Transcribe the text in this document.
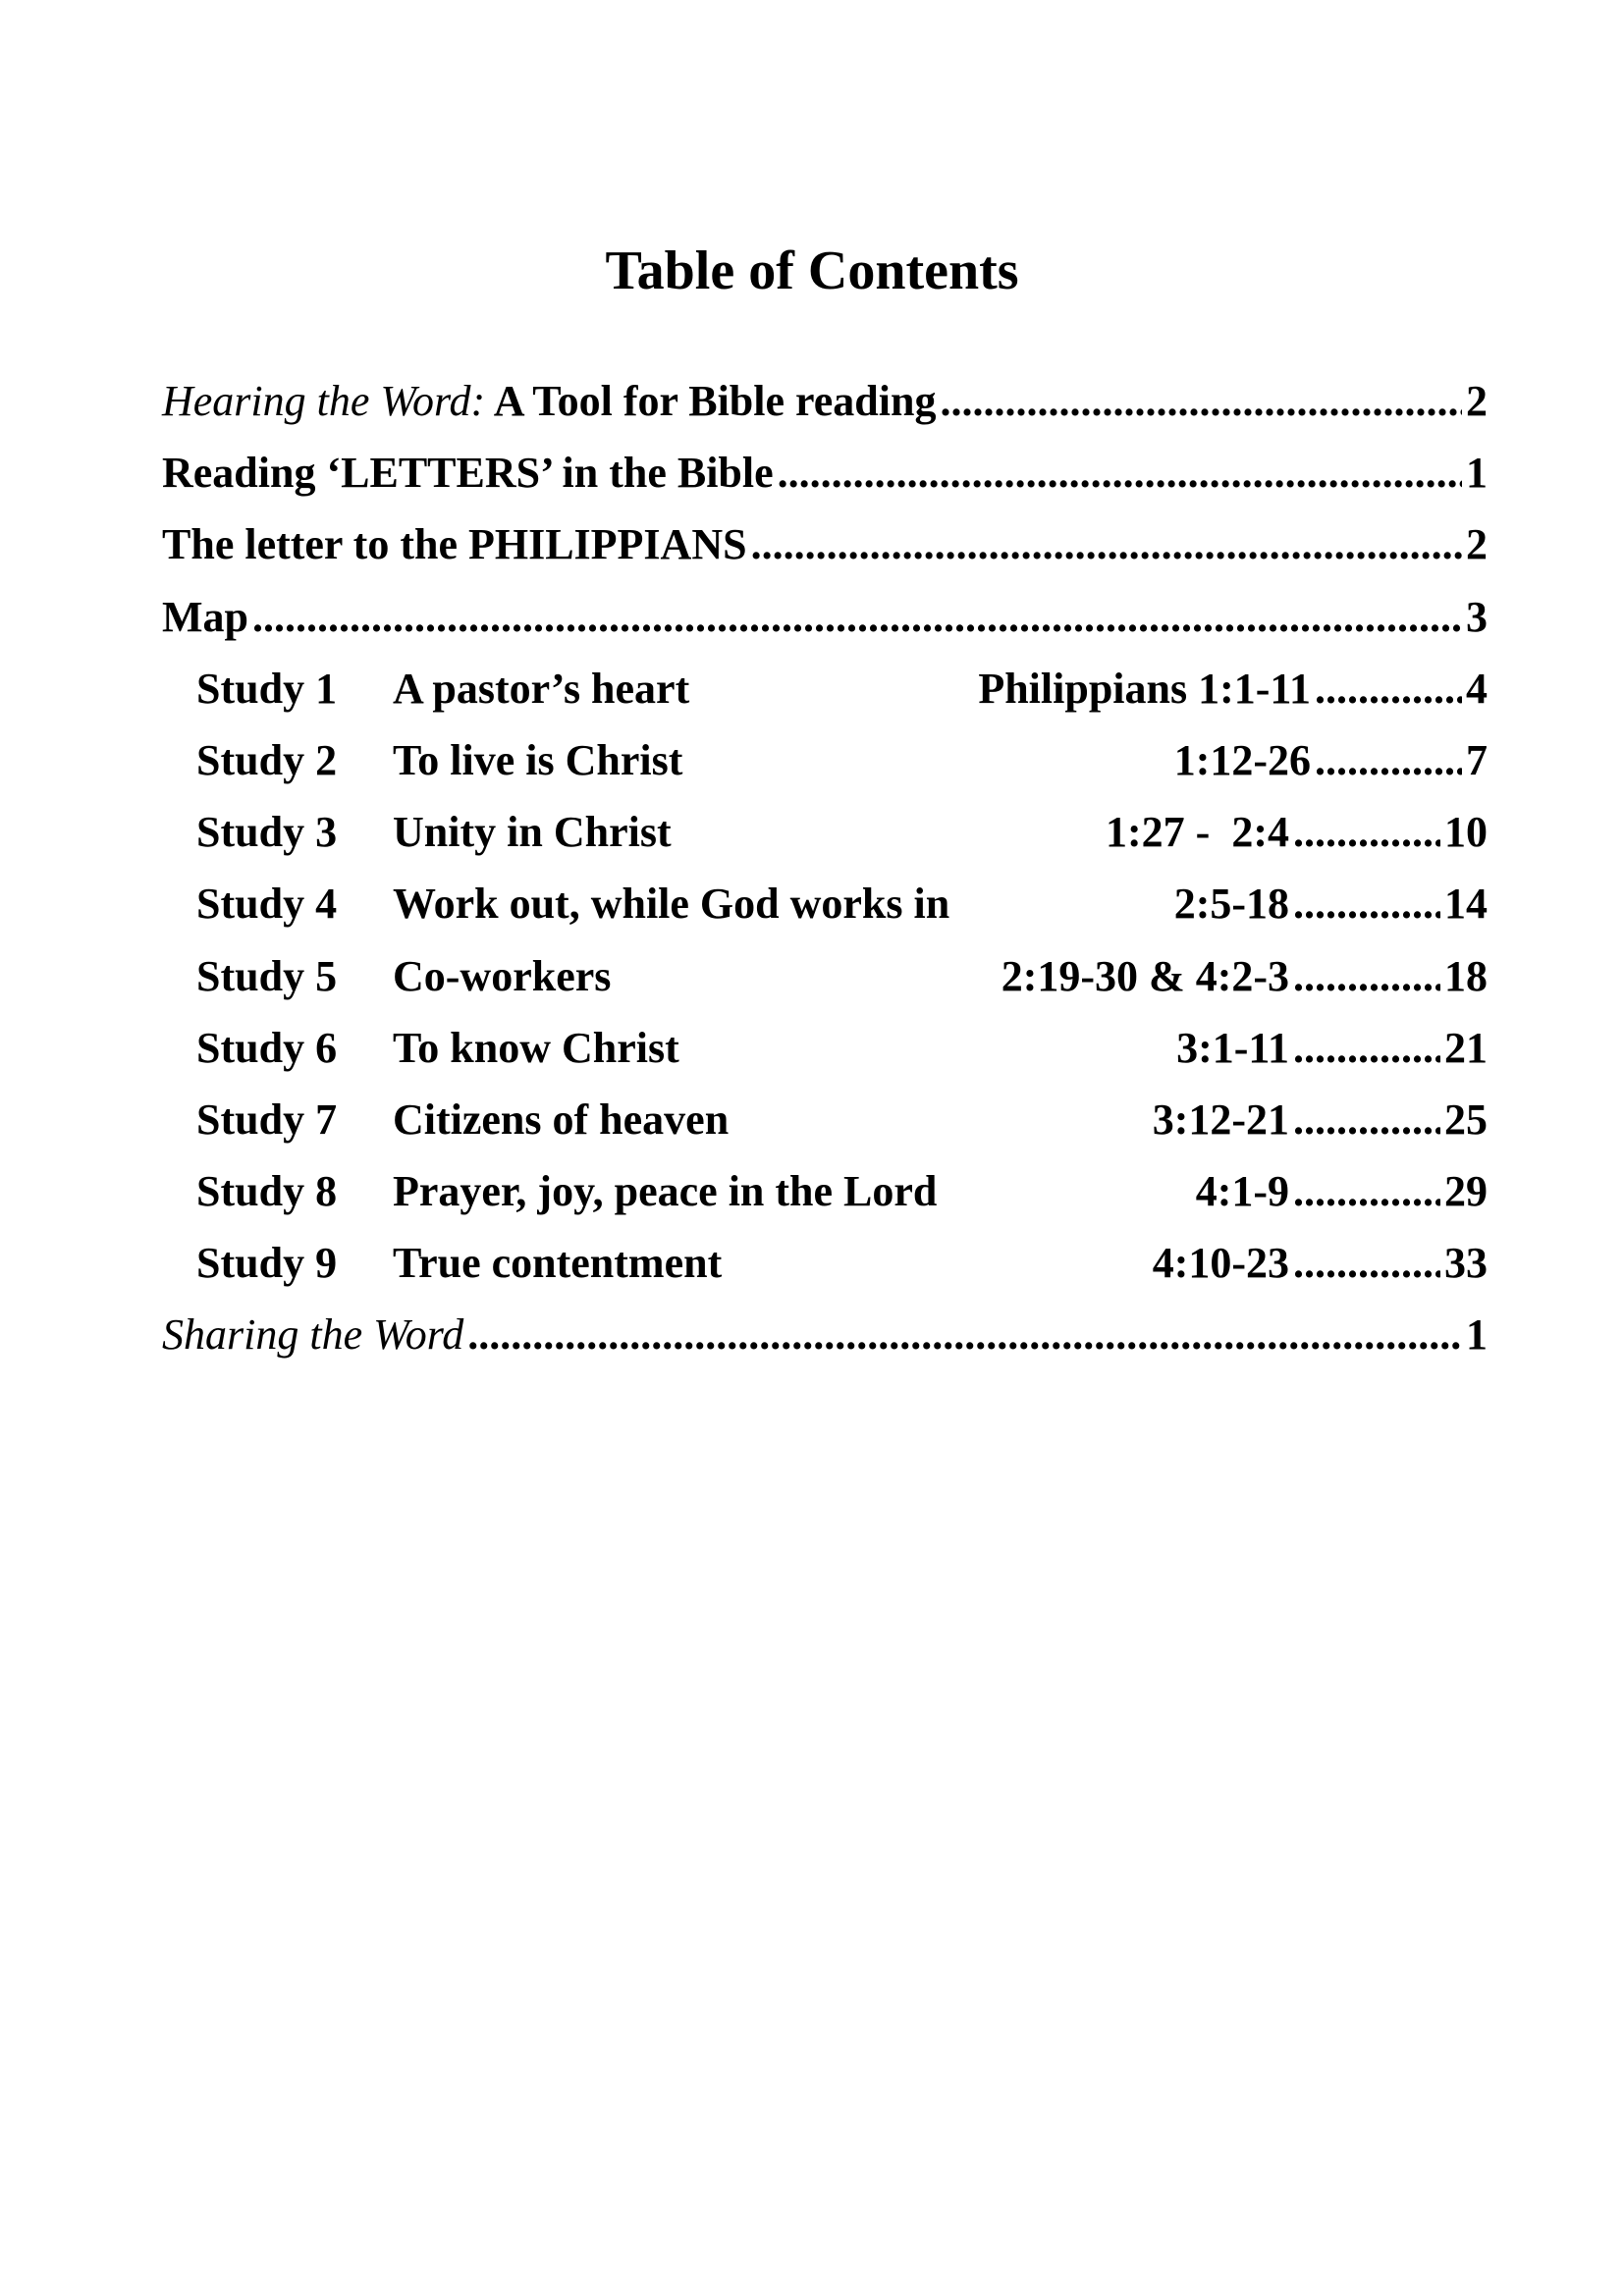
Table of Contents
Hearing the Word: A Tool for Bible reading .....	2
Reading ‘LETTERS’ in the Bible .....	1
The letter to the PHILIPPIANS .....	2
Map .....	3
Study 1	A pastor’s heart	Philippians 1:1-11 .....	4
Study 2	To live is Christ	1:12-26 .....	7
Study 3	Unity in Christ	1:27 -  2:4 .....	10
Study 4	Work out, while God works in	2:5-18 .....	14
Study 5	Co-workers	2:19-30 & 4:2-3 .....	18
Study 6	To know Christ	3:1-11 .....	21
Study 7	Citizens of heaven	3:12-21 .....	25
Study 8	Prayer, joy, peace in the Lord	4:1-9 .....	29
Study 9	True contentment	4:10-23 .....	33
Sharing the Word .....	1
